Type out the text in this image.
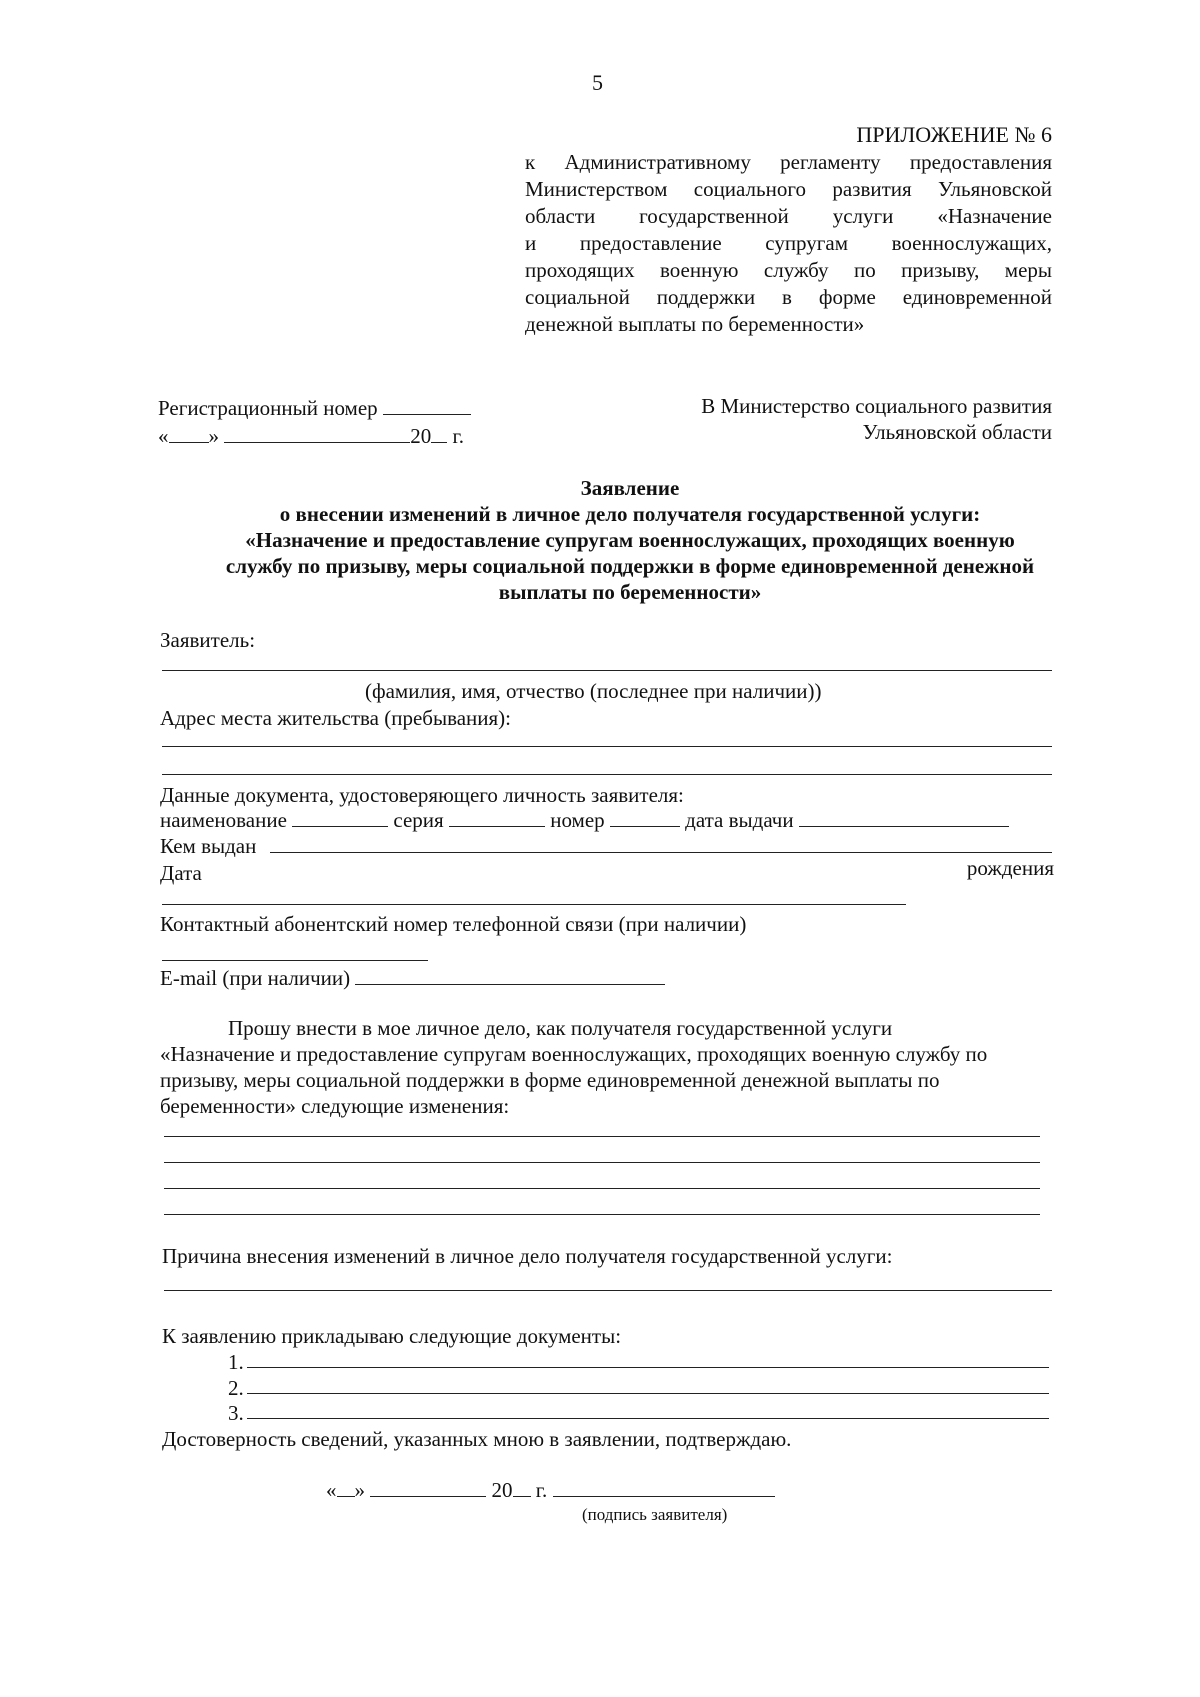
5
ПРИЛОЖЕНИЕ № 6
к Административному регламенту предоставления
Министерством социального развития Ульяновской
области государственной услуги «Назначение
и предоставление супругам военнослужащих,
проходящих военную службу по призыву, меры
социальной поддержки в форме единовременной
денежной выплаты по беременности»
Регистрационный номер
« »	20 г.
В Министерство социального развития
Ульяновской области
Заявление
о внесении изменений в личное дело получателя государственной услуги:
«Назначение и предоставление супругам военнослужащих, проходящих военную
службу по призыву, меры социальной поддержки в форме единовременной денежной
выплаты по беременности»
Заявитель:
(фамилия, имя, отчество (последнее при наличии))
Адрес места жительства (пребывания):
Данные документа, удостоверяющего личность заявителя:
наименование	серия	номер	дата выдачи
Кем выдан
Дата	рождения
Контактный абонентский номер телефонной связи (при наличии)
E-mail (при наличии)
Прошу внести в мое личное дело, как получателя государственной услуги
«Назначение и предоставление супругам военнослужащих, проходящих военную службу по
призыву, меры социальной поддержки в форме единовременной денежной выплаты по
беременности» следующие изменения:
Причина внесения изменений в личное дело получателя государственной услуги:
К заявлению прикладываю следующие документы:
1.
2.
3.
Достоверность сведений, указанных мною в заявлении, подтверждаю.
« »	20 г.
(подпись заявителя)
